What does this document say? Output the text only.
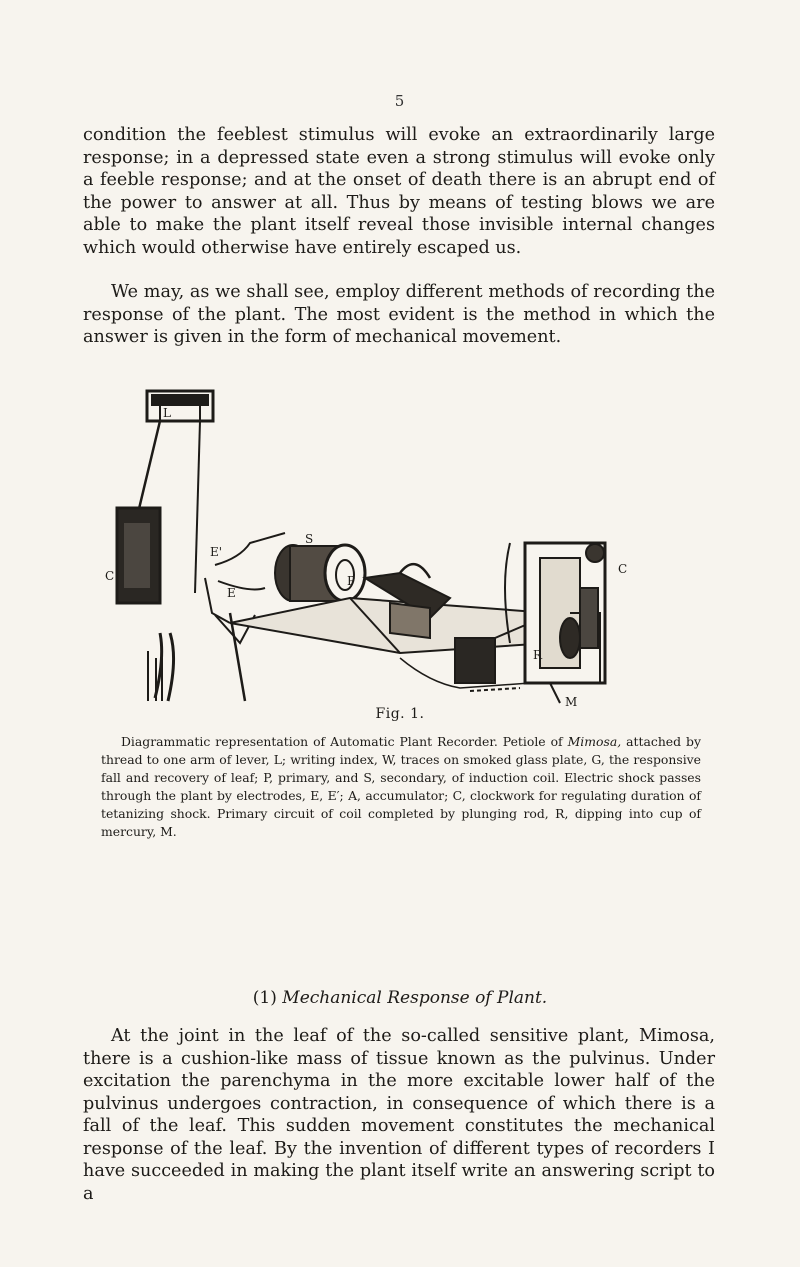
5

condition the feeblest stimulus will evoke an extraordinarily large response; in a depressed state even a strong stimulus will evoke only a feeble response; and at the onset of death there is an abrupt end of the power to answer at all. Thus by means of testing blows we are able to make the plant itself reveal those invisible internal changes which would otherwise have entirely escaped us.

We may, as we shall see, employ different methods of recording the response of the plant. The most evident is the method in which the answer is given in the form of mechanical movement.

L
C
E'
E
S
P
R
C
M
Fig. 1.

Diagrammatic representation of Automatic Plant Recorder. Petiole of Mimosa, attached by thread to one arm of lever, L; writing index, W, traces on smoked glass plate, G, the responsive fall and recovery of leaf; P, primary, and S, secondary, of induction coil. Electric shock passes through the plant by electrodes, E, E′; A, accumulator; C, clockwork for regulating duration of tetanizing shock. Primary circuit of coil completed by plunging rod, R, dipping into cup of mercury, M.

(1) Mechanical Response of Plant.

At the joint in the leaf of the so-called sensitive plant, Mimosa, there is a cushion-like mass of tissue known as the pulvinus. Under excitation the parenchyma in the more excitable lower half of the pulvinus undergoes contraction, in consequence of which there is a fall of the leaf. This sudden movement constitutes the mechanical response of the leaf. By the invention of different types of recorders I have succeeded in making the plant itself write an answering script to a
